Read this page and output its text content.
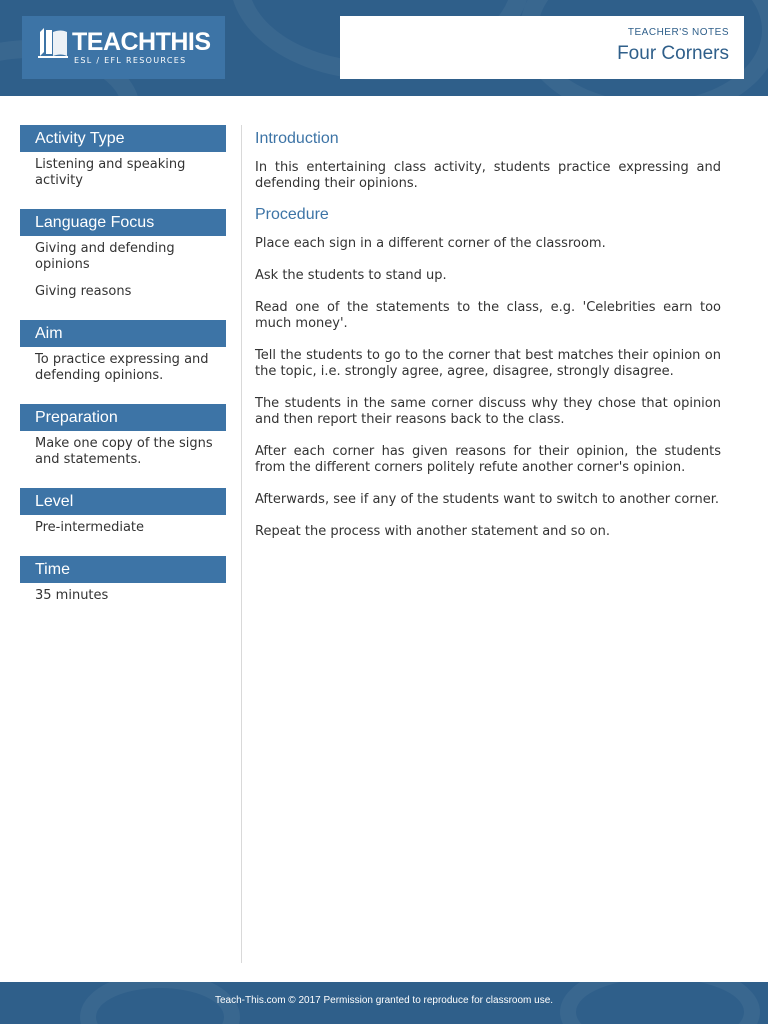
TEACHTHIS
ESL / EFL RESOURCES
TEACHER'S NOTES
Four Corners
Activity Type
Listening and speaking activity
Language Focus
Giving and defending opinions
Giving reasons
Aim
To practice expressing and defending opinions.
Preparation
Make one copy of the signs and statements.
Level
Pre-intermediate
Time
35 minutes
Introduction

In this entertaining class activity, students practice expressing and defending their opinions.

Procedure

Place each sign in a different corner of the classroom.

Ask the students to stand up.

Read one of the statements to the class, e.g. 'Celebrities earn too much money'.

Tell the students to go to the corner that best matches their opinion on the topic, i.e. strongly agree, agree, disagree, strongly disagree.

The students in the same corner discuss why they chose that opinion and then report their reasons back to the class.

After each corner has given reasons for their opinion, the students from the different corners politely refute another corner's opinion.

Afterwards, see if any of the students want to switch to another corner.

Repeat the process with another statement and so on.

Teach-This.com © 2017 Permission granted to reproduce for classroom use.
